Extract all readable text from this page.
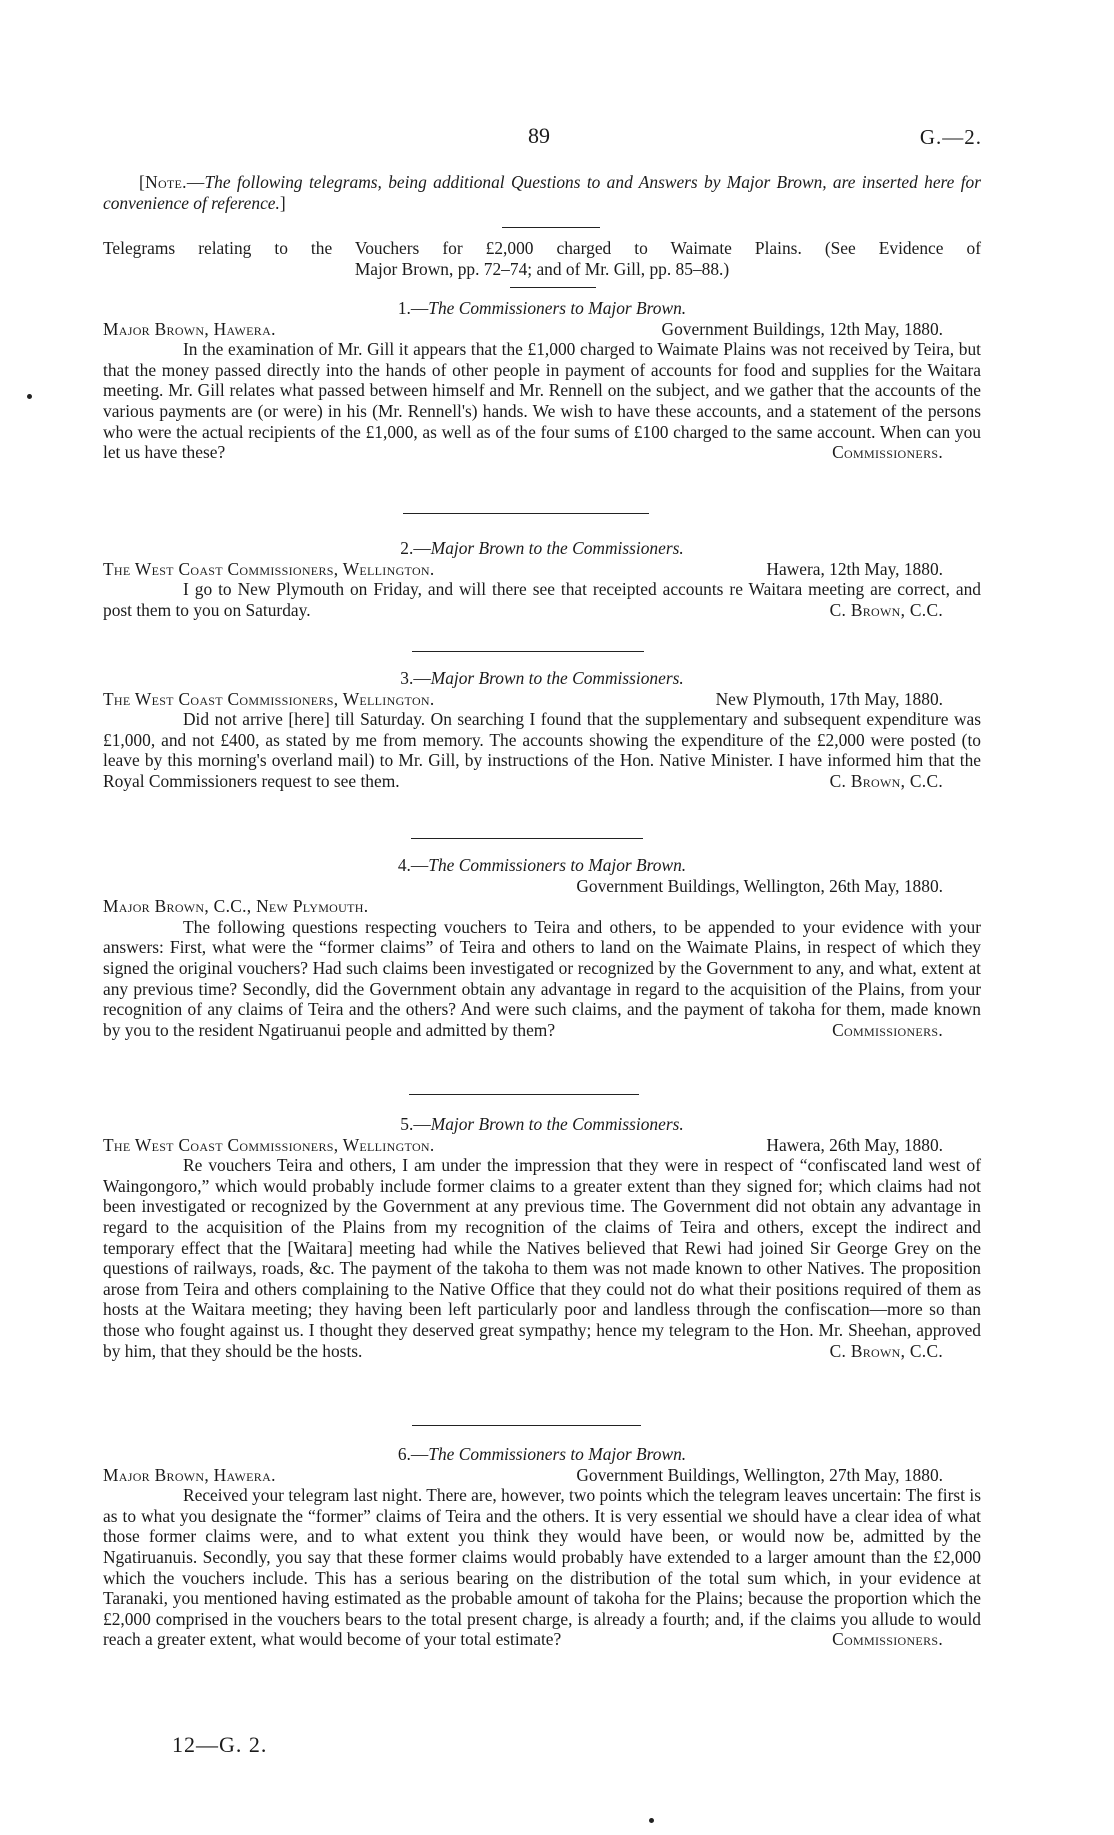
89	G.—2.

[Note.—The following telegrams, being additional Questions to and Answers by Major Brown, are inserted here for convenience of reference.]

Telegrams relating to the Vouchers for £2,000 charged to Waimate Plains. (See Evidence of
Major Brown, pp. 72–74; and of Mr. Gill, pp. 85–88.)
1.—The Commissioners to Major Brown.
Major Brown, Hawera.	Government Buildings, 12th May, 1880.

In the examination of Mr. Gill it appears that the £1,000 charged to Waimate Plains was not received by Teira, but that the money passed directly into the hands of other people in payment of accounts for food and supplies for the Waitara meeting. Mr. Gill relates what passed between himself and Mr. Rennell on the subject, and we gather that the accounts of the various payments are (or were) in his (Mr. Rennell's) hands. We wish to have these accounts, and a statement of the persons who were the actual recipients of the £1,000, as well as of the four sums of £100 charged to the same account. When can you let us have these?	Commissioners.
2.—Major Brown to the Commissioners.
The West Coast Commissioners, Wellington.	Hawera, 12th May, 1880.

I go to New Plymouth on Friday, and will there see that receipted accounts re Waitara meeting are correct, and post them to you on Saturday.	C. Brown, C.C.
3.—Major Brown to the Commissioners.
The West Coast Commissioners, Wellington.	New Plymouth, 17th May, 1880.

Did not arrive [here] till Saturday. On searching I found that the supplementary and subsequent expenditure was £1,000, and not £400, as stated by me from memory. The accounts showing the expenditure of the £2,000 were posted (to leave by this morning's overland mail) to Mr. Gill, by instructions of the Hon. Native Minister. I have informed him that the Royal Commissioners request to see them.	C. Brown, C.C.
4.—The Commissioners to Major Brown.
Government Buildings, Wellington, 26th May, 1880.
Major Brown, C.C., New Plymouth.

The following questions respecting vouchers to Teira and others, to be appended to your evidence with your answers: First, what were the “former claims” of Teira and others to land on the Waimate Plains, in respect of which they signed the original vouchers? Had such claims been investigated or recognized by the Government to any, and what, extent at any previous time? Secondly, did the Government obtain any advantage in regard to the acquisition of the Plains, from your recognition of any claims of Teira and the others? And were such claims, and the payment of takoha for them, made known by you to the resident Ngatiruanui people and admitted by them?	Commissioners.
5.—Major Brown to the Commissioners.
The West Coast Commissioners, Wellington.	Hawera, 26th May, 1880.

Re vouchers Teira and others, I am under the impression that they were in respect of “confiscated land west of Waingongoro,” which would probably include former claims to a greater extent than they signed for; which claims had not been investigated or recognized by the Government at any previous time. The Government did not obtain any advantage in regard to the acquisition of the Plains from my recognition of the claims of Teira and others, except the indirect and temporary effect that the [Waitara] meeting had while the Natives believed that Rewi had joined Sir George Grey on the questions of railways, roads, &c. The payment of the takoha to them was not made known to other Natives. The proposition arose from Teira and others complaining to the Native Office that they could not do what their positions required of them as hosts at the Waitara meeting; they having been left particularly poor and landless through the confiscation—more so than those who fought against us. I thought they deserved great sympathy; hence my telegram to the Hon. Mr. Sheehan, approved by him, that they should be the hosts.	C. Brown, C.C.
6.—The Commissioners to Major Brown.
Major Brown, Hawera.	Government Buildings, Wellington, 27th May, 1880.

Received your telegram last night. There are, however, two points which the telegram leaves uncertain: The first is as to what you designate the “former” claims of Teira and the others. It is very essential we should have a clear idea of what those former claims were, and to what extent you think they would have been, or would now be, admitted by the Ngatiruanuis. Secondly, you say that these former claims would probably have extended to a larger amount than the £2,000 which the vouchers include. This has a serious bearing on the distribution of the total sum which, in your evidence at Taranaki, you mentioned having estimated as the probable amount of takoha for the Plains; because the proportion which the £2,000 comprised in the vouchers bears to the total present charge, is already a fourth; and, if the claims you allude to would reach a greater extent, what would become of your total estimate?	Commissioners.
12—G. 2.
